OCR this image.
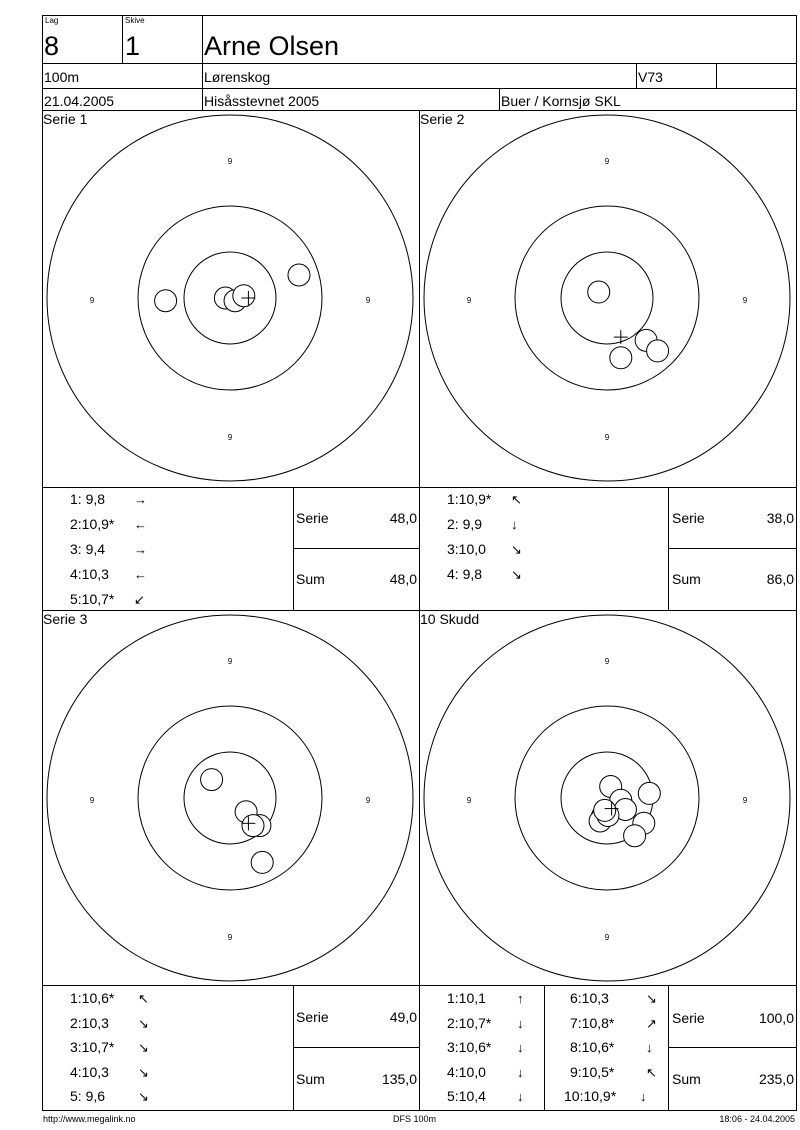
Lag
8
Skive
1 Arne Olsen
100m	Lørenskog	V73
21.04.2005	Hisåsstevnet 2005	Buer / Kornsjø SKL
Serie 1	Serie 2
Serie 3	10 Skudd
9
9
9	9
9
9
9	9
9
9
9	9
9
9
9	9
1: 9,8 →
2:10,9* ←
3: 9,4 →
4:10,3 ←
5:10,7* ↙
Serie	48,0
Sum	48,0
1:10,9* ↖
2: 9,9 ↓
3:10,0 ↘
4: 9,8 ↘
Serie	38,0
Sum	86,0
1:10,6* ↖
2:10,3 ↘
3:10,7* ↘
4:10,3 ↘
5: 9,6	↘
Serie	49,0
Sum	135,0
1:10,1 ↑
2:10,7* ↓
3:10,6* ↓
4:10,0 ↓
5:10,4 ↓
6:10,3	↘
7:10,8* ↗
8:10,6* ↓
9:10,5* ↖
10:10,9* ↓
Serie	100,0
Sum	235,0
http://www.megalink.no	DFS 100m	18:06 - 24.04.2005
